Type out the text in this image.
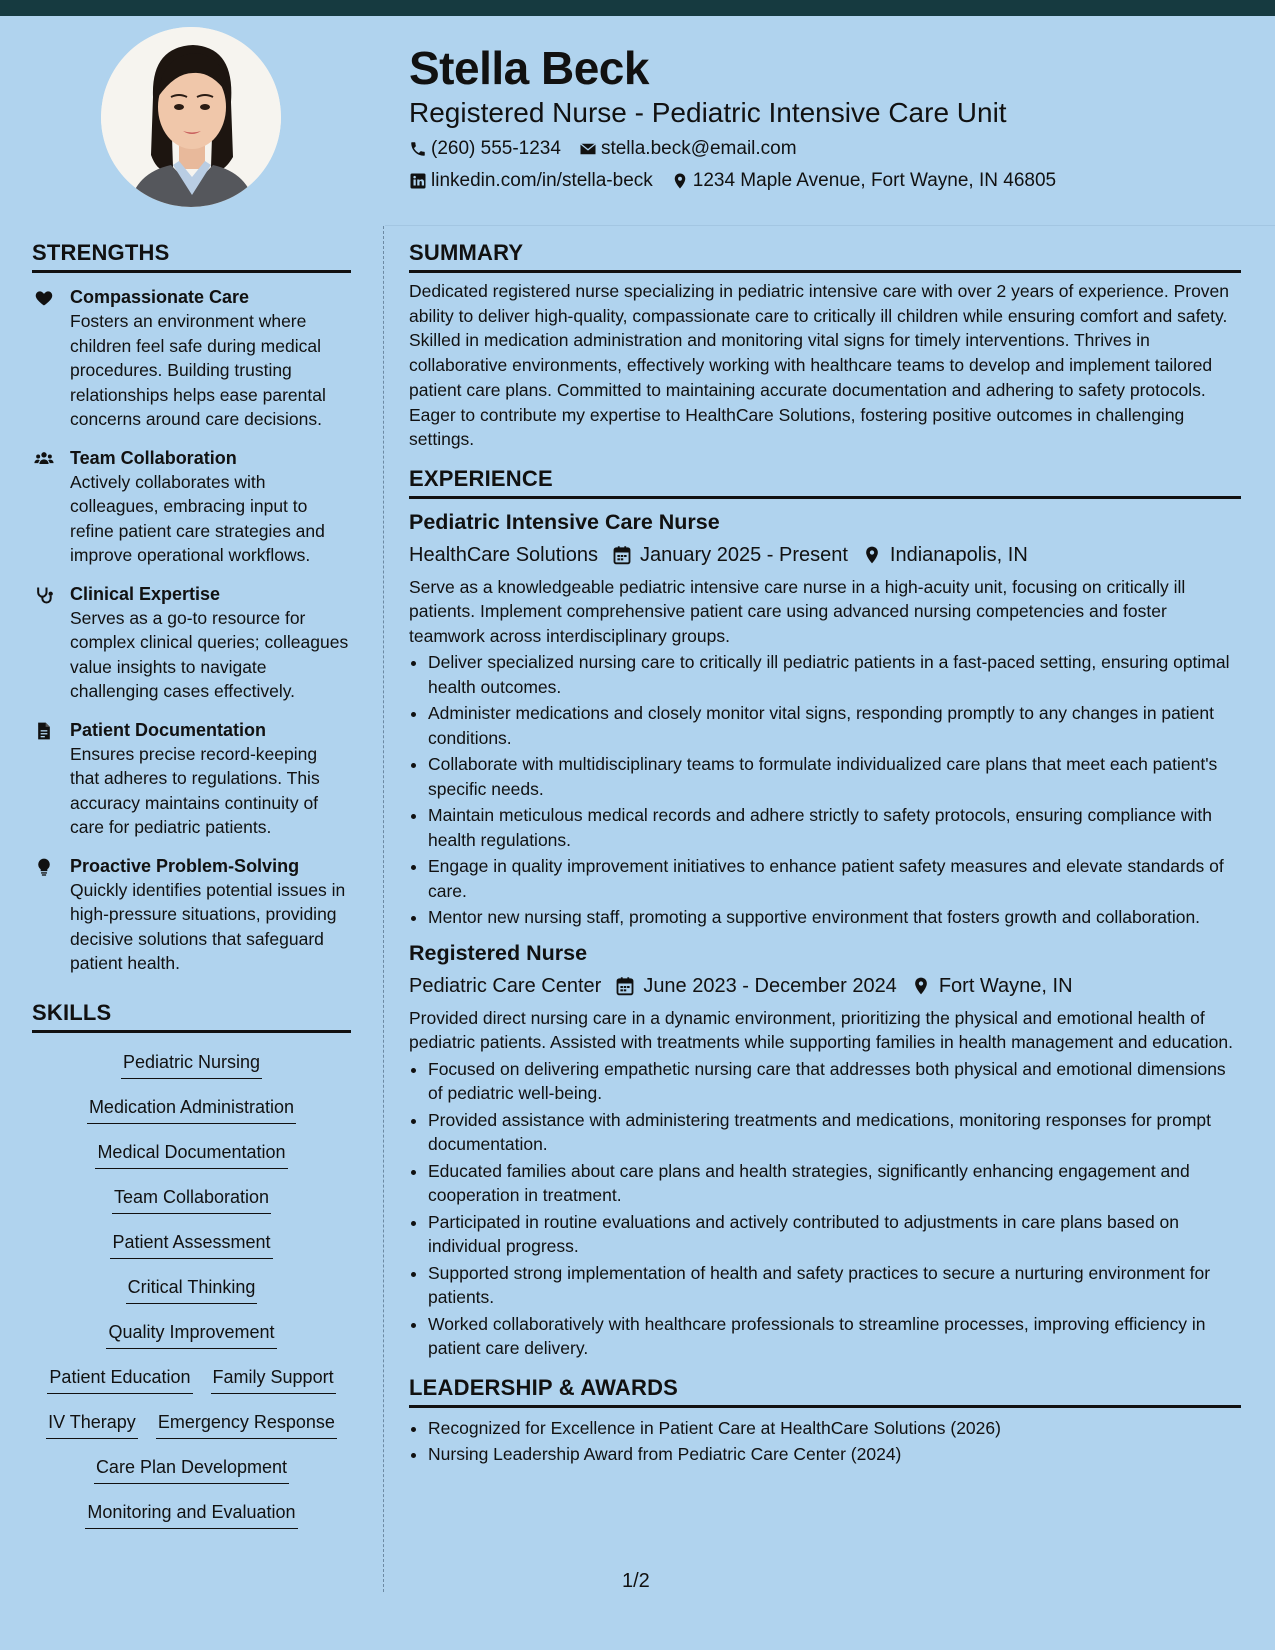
Stella Beck
Registered Nurse - Pediatric Intensive Care Unit
(260) 555-1234 stella.beck@email.com
linkedin.com/in/stella-beck 1234 Maple Avenue, Fort Wayne, IN 46805
STRENGTHS
Compassionate Care
Fosters an environment where children feel safe during medical procedures. Building trusting relationships helps ease parental concerns around care decisions.
Team Collaboration
Actively collaborates with colleagues, embracing input to refine patient care strategies and improve operational workflows.
Clinical Expertise
Serves as a go-to resource for complex clinical queries; colleagues value insights to navigate challenging cases effectively.
Patient Documentation
Ensures precise record-keeping that adheres to regulations. This accuracy maintains continuity of care for pediatric patients.
Proactive Problem-Solving
Quickly identifies potential issues in high-pressure situations, providing decisive solutions that safeguard patient health.
SKILLS
Pediatric Nursing
Medication Administration
Medical Documentation
Team Collaboration
Patient Assessment
Critical Thinking
Quality Improvement
Patient Education Family Support
IV Therapy Emergency Response
Care Plan Development
Monitoring and Evaluation
SUMMARY

Dedicated registered nurse specializing in pediatric intensive care with over 2 years of experience. Proven ability to deliver high-quality, compassionate care to critically ill children while ensuring comfort and safety. Skilled in medication administration and monitoring vital signs for timely interventions. Thrives in collaborative environments, effectively working with healthcare teams to develop and implement tailored patient care plans. Committed to maintaining accurate documentation and adhering to safety protocols. Eager to contribute my expertise to HealthCare Solutions, fostering positive outcomes in challenging settings.

EXPERIENCE
Pediatric Intensive Care Nurse
HealthCare Solutions January 2025 - Present Indianapolis, IN
Serve as a knowledgeable pediatric intensive care nurse in a high-acuity unit, focusing on critically ill patients. Implement comprehensive patient care using advanced nursing competencies and foster teamwork across interdisciplinary groups.
• Deliver specialized nursing care to critically ill pediatric patients in a fast-paced setting, ensuring optimal health outcomes.
• Administer medications and closely monitor vital signs, responding promptly to any changes in patient conditions.
• Collaborate with multidisciplinary teams to formulate individualized care plans that meet each patient's specific needs.
• Maintain meticulous medical records and adhere strictly to safety protocols, ensuring compliance with health regulations.
• Engage in quality improvement initiatives to enhance patient safety measures and elevate standards of care.
• Mentor new nursing staff, promoting a supportive environment that fosters growth and collaboration.
Registered Nurse
Pediatric Care Center June 2023 - December 2024 Fort Wayne, IN
Provided direct nursing care in a dynamic environment, prioritizing the physical and emotional health of pediatric patients. Assisted with treatments while supporting families in health management and education.
• Focused on delivering empathetic nursing care that addresses both physical and emotional dimensions of pediatric well-being.
• Provided assistance with administering treatments and medications, monitoring responses for prompt documentation.
• Educated families about care plans and health strategies, significantly enhancing engagement and cooperation in treatment.
• Participated in routine evaluations and actively contributed to adjustments in care plans based on individual progress.
• Supported strong implementation of health and safety practices to secure a nurturing environment for patients.
• Worked collaboratively with healthcare professionals to streamline processes, improving efficiency in patient care delivery.
LEADERSHIP & AWARDS
• Recognized for Excellence in Patient Care at HealthCare Solutions (2026)
• Nursing Leadership Award from Pediatric Care Center (2024)
1/2
